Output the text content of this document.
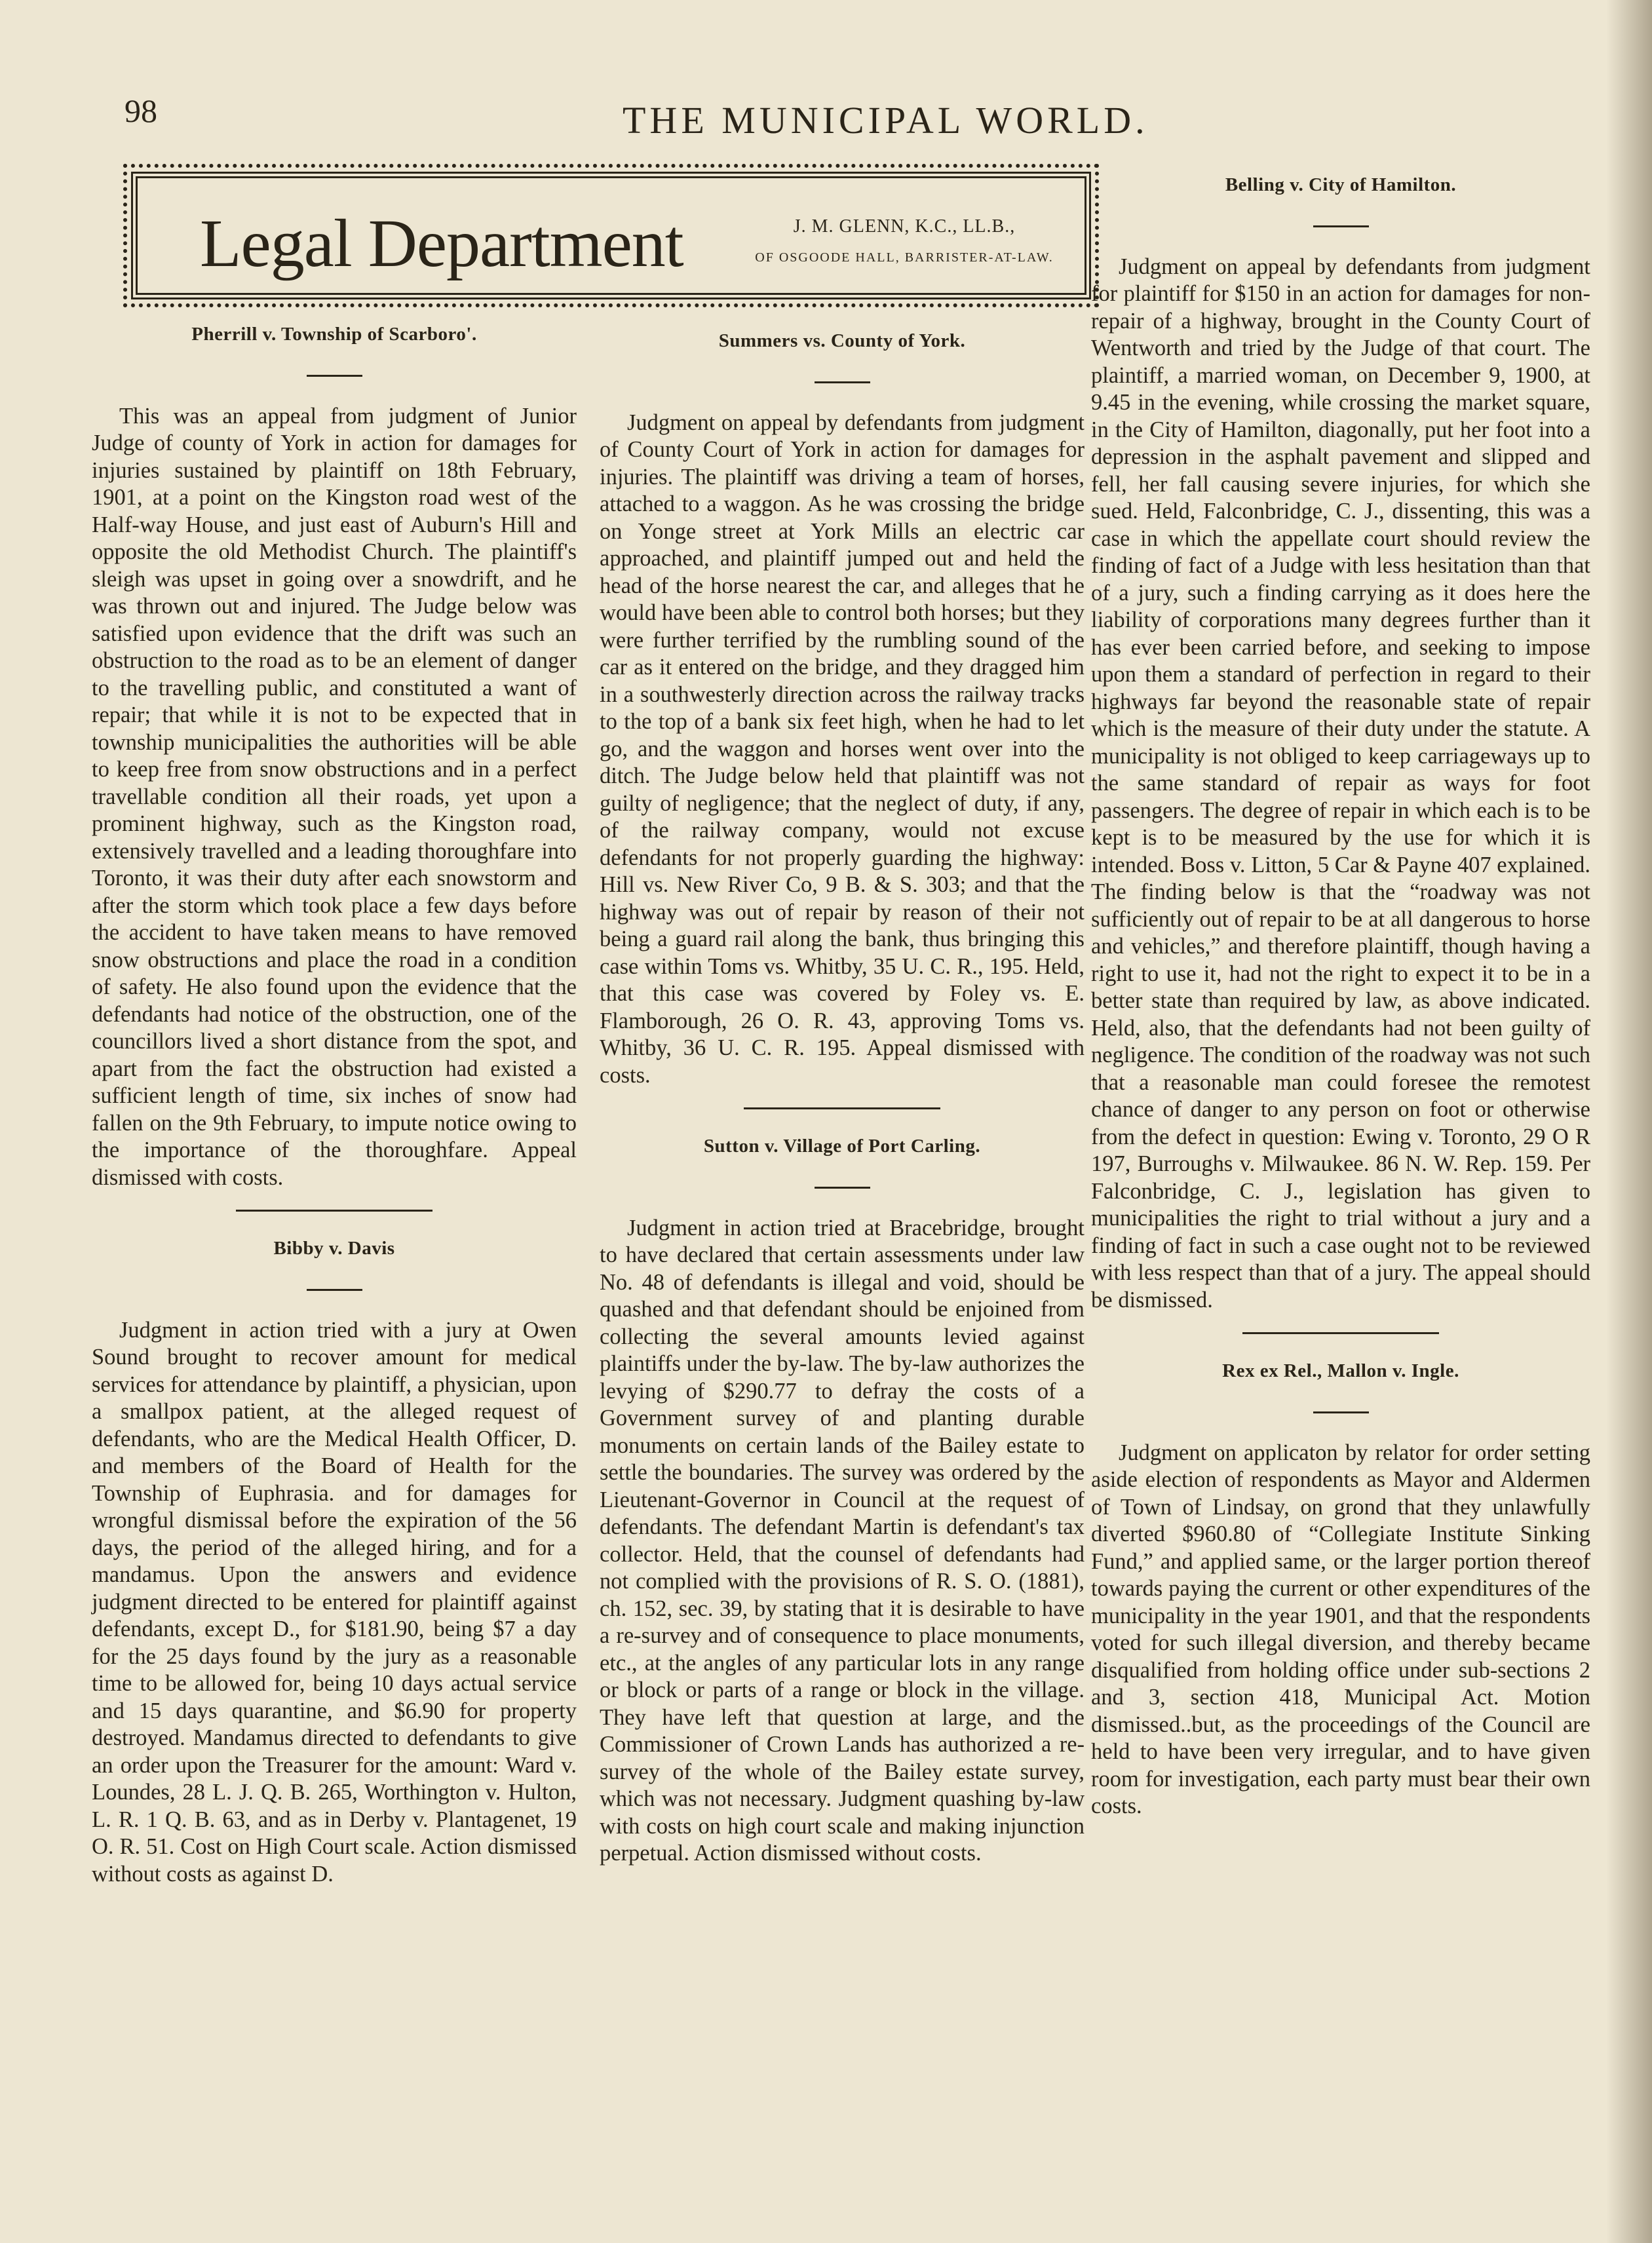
98	THE MUNICIPAL WORLD.
Legal Department	J. M. GLENN, K.C., LL.B.,
OF OSGOODE HALL, BARRISTER-AT-LAW.
Pherrill v. Township of Scarboro'.

This was an appeal from judgment of Junior Judge of county of York in action for damages for injuries sustained by plaintiff on 18th February, 1901, at a point on the Kingston road west of the Half-way House, and just east of Auburn's Hill and opposite the old Methodist Church. The plaintiff's sleigh was upset in going over a snowdrift, and he was thrown out and injured. The Judge below was satisfied upon evidence that the drift was such an obstruction to the road as to be an element of danger to the travelling public, and constituted a want of repair; that while it is not to be expected that in township municipalities the authorities will be able to keep free from snow obstructions and in a perfect travellable condition all their roads, yet upon a prominent highway, such as the Kingston road, extensively travelled and a leading thoroughfare into Toronto, it was their duty after each snowstorm and after the storm which took place a few days before the accident to have taken means to have removed snow obstructions and place the road in a condition of safety. He also found upon the evidence that the defendants had notice of the obstruction, one of the councillors lived a short distance from the spot, and apart from the fact the obstruction had existed a sufficient length of time, six inches of snow had fallen on the 9th February, to impute notice owing to the importance of the thoroughfare. Appeal dismissed with costs.

Bibby v. Davis

Judgment in action tried with a jury at Owen Sound brought to recover amount for medical services for attendance by plaintiff, a physician, upon a smallpox patient, at the alleged request of defendants, who are the Medical Health Officer, D. and members of the Board of Health for the Township of Euphrasia. and for damages for wrongful dismissal before the expiration of the 56 days, the period of the alleged hiring, and for a mandamus. Upon the answers and evidence judgment directed to be entered for plaintiff against defendants, except D., for $181.90, being $7 a day for the 25 days found by the jury as a reasonable time to be allowed for, being 10 days actual service and 15 days quarantine, and $6.90 for property destroyed. Mandamus directed to defendants to give an order upon the Treasurer for the amount: Ward v. Loundes, 28 L. J. Q. B. 265, Worthington v. Hulton, L. R. 1 Q. B. 63, and as in Derby v. Plantagenet, 19 O. R. 51. Cost on High Court scale. Action dismissed without costs as against D.

Summers vs. County of York.

Judgment on appeal by defendants from judgment of County Court of York in action for damages for injuries. The plaintiff was driving a team of horses, attached to a waggon. As he was crossing the bridge on Yonge street at York Mills an electric car approached, and plaintiff jumped out and held the head of the horse nearest the car, and alleges that he would have been able to control both horses; but they were further terrified by the rumbling sound of the car as it entered on the bridge, and they dragged him in a southwesterly direction across the railway tracks to the top of a bank six feet high, when he had to let go, and the waggon and horses went over into the ditch. The Judge below held that plaintiff was not guilty of negligence; that the neglect of duty, if any, of the railway company, would not excuse defendants for not properly guarding the highway: Hill vs. New River Co, 9 B. & S. 303; and that the highway was out of repair by reason of their not being a guard rail along the bank, thus bringing this case within Toms vs. Whitby, 35 U. C. R., 195. Held, that this case was covered by Foley vs. E. Flamborough, 26 O. R. 43, approving Toms vs. Whitby, 36 U. C. R. 195. Appeal dismissed with costs.

Sutton v. Village of Port Carling.

Judgment in action tried at Bracebridge, brought to have declared that certain assessments under law No. 48 of defendants is illegal and void, should be quashed and that defendant should be enjoined from collecting the several amounts levied against plaintiffs under the by-law. The by-law authorizes the levying of $290.77 to defray the costs of a Government survey of and planting durable monuments on certain lands of the Bailey estate to settle the boundaries. The survey was ordered by the Lieutenant-Governor in Council at the request of defendants. The defendant Martin is defendant's tax collector. Held, that the counsel of defendants had not complied with the provisions of R. S. O. (1881), ch. 152, sec. 39, by stating that it is desirable to have a re-survey and of consequence to place monuments, etc., at the angles of any particular lots in any range or block or parts of a range or block in the village. They have left that question at large, and the Commissioner of Crown Lands has authorized a re-survey of the whole of the Bailey estate survey, which was not necessary. Judgment quashing by-law with costs on high court scale and making injunction perpetual. Action dismissed without costs.

Belling v. City of Hamilton.

Judgment on appeal by defendants from judgment for plaintiff for $150 in an action for damages for non-repair of a highway, brought in the County Court of Wentworth and tried by the Judge of that court. The plaintiff, a married woman, on December 9, 1900, at 9.45 in the evening, while crossing the market square, in the City of Hamilton, diagonally, put her foot into a depression in the asphalt pavement and slipped and fell, her fall causing severe injuries, for which she sued. Held, Falconbridge, C. J., dissenting, this was a case in which the appellate court should review the finding of fact of a Judge with less hesitation than that of a jury, such a finding carrying as it does here the liability of corporations many degrees further than it has ever been carried before, and seeking to impose upon them a standard of perfection in regard to their highways far beyond the reasonable state of repair which is the measure of their duty under the statute. A municipality is not obliged to keep carriageways up to the same standard of repair as ways for foot passengers. The degree of repair in which each is to be kept is to be measured by the use for which it is intended. Boss v. Litton, 5 Car & Payne 407 explained. The finding below is that the “roadway was not sufficiently out of repair to be at all dangerous to horse and vehicles,” and therefore plaintiff, though having a right to use it, had not the right to expect it to be in a better state than required by law, as above indicated. Held, also, that the defendants had not been guilty of negligence. The condition of the roadway was not such that a reasonable man could foresee the remotest chance of danger to any person on foot or otherwise from the defect in question: Ewing v. Toronto, 29 O R 197, Burroughs v. Milwaukee. 86 N. W. Rep. 159. Per Falconbridge, C. J., legislation has given to municipalities the right to trial without a jury and a finding of fact in such a case ought not to be reviewed with less respect than that of a jury. The appeal should be dismissed.

Rex ex Rel., Mallon v. Ingle.

Judgment on applicaton by relator for order setting aside election of respondents as Mayor and Aldermen of Town of Lindsay, on grond that they unlawfully diverted $960.80 of “Collegiate Institute Sinking Fund,” and applied same, or the larger portion thereof towards paying the current or other expenditures of the municipality in the year 1901, and that the respondents voted for such illegal diversion, and thereby became disqualified from holding office under sub-sections 2 and 3, section 418, Municipal Act. Motion dismissed..but, as the proceedings of the Council are held to have been very irregular, and to have given room for investigation, each party must bear their own costs.
